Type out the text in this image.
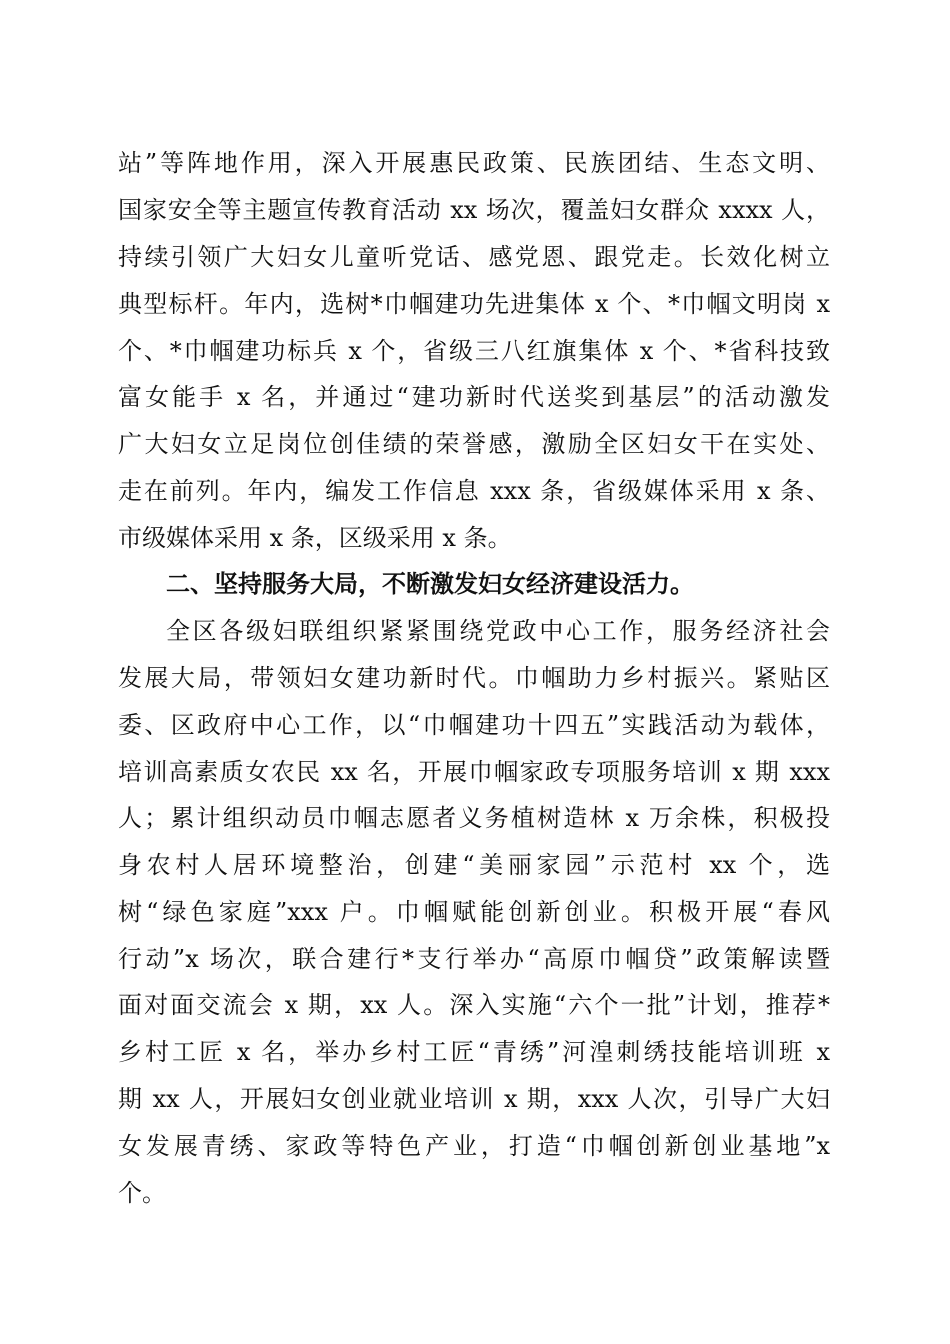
站”等阵地作用，深入开展惠民政策、民族团结、生态文明、
国家安全等主题宣传教育活动 xx 场次，覆盖妇女群众 xxxx 人，
持续引领广大妇女儿童听党话、感党恩、跟党走。长效化树立
典型标杆。年内，选树*巾帼建功先进集体 x 个、*巾帼文明岗 x
个、*巾帼建功标兵 x 个，省级三八红旗集体 x 个、*省科技致
富女能手 x 名，并通过“建功新时代送奖到基层”的活动激发
广大妇女立足岗位创佳绩的荣誉感，激励全区妇女干在实处、
走在前列。年内，编发工作信息 xxx 条，省级媒体采用 x 条、
市级媒体采用 x 条，区级采用 x 条。
二、坚持服务大局，不断激发妇女经济建设活力。
全区各级妇联组织紧紧围绕党政中心工作，服务经济社会
发展大局，带领妇女建功新时代。巾帼助力乡村振兴。紧贴区
委、区政府中心工作，以“巾帼建功十四五”实践活动为载体，
培训高素质女农民 xx 名，开展巾帼家政专项服务培训 x 期 xxx
人；累计组织动员巾帼志愿者义务植树造林 x 万余株，积极投
身农村人居环境整治，创建“美丽家园”示范村 xx 个，选
树“绿色家庭”xxx 户。巾帼赋能创新创业。积极开展“春风
行动”x 场次，联合建行*支行举办“高原巾帼贷”政策解读暨
面对面交流会 x 期，xx 人。深入实施“六个一批”计划，推荐*
乡村工匠 x 名，举办乡村工匠“青绣”河湟刺绣技能培训班 x
期 xx 人，开展妇女创业就业培训 x 期，xxx 人次，引导广大妇
女发展青绣、家政等特色产业，打造“巾帼创新创业基地”x
个。
